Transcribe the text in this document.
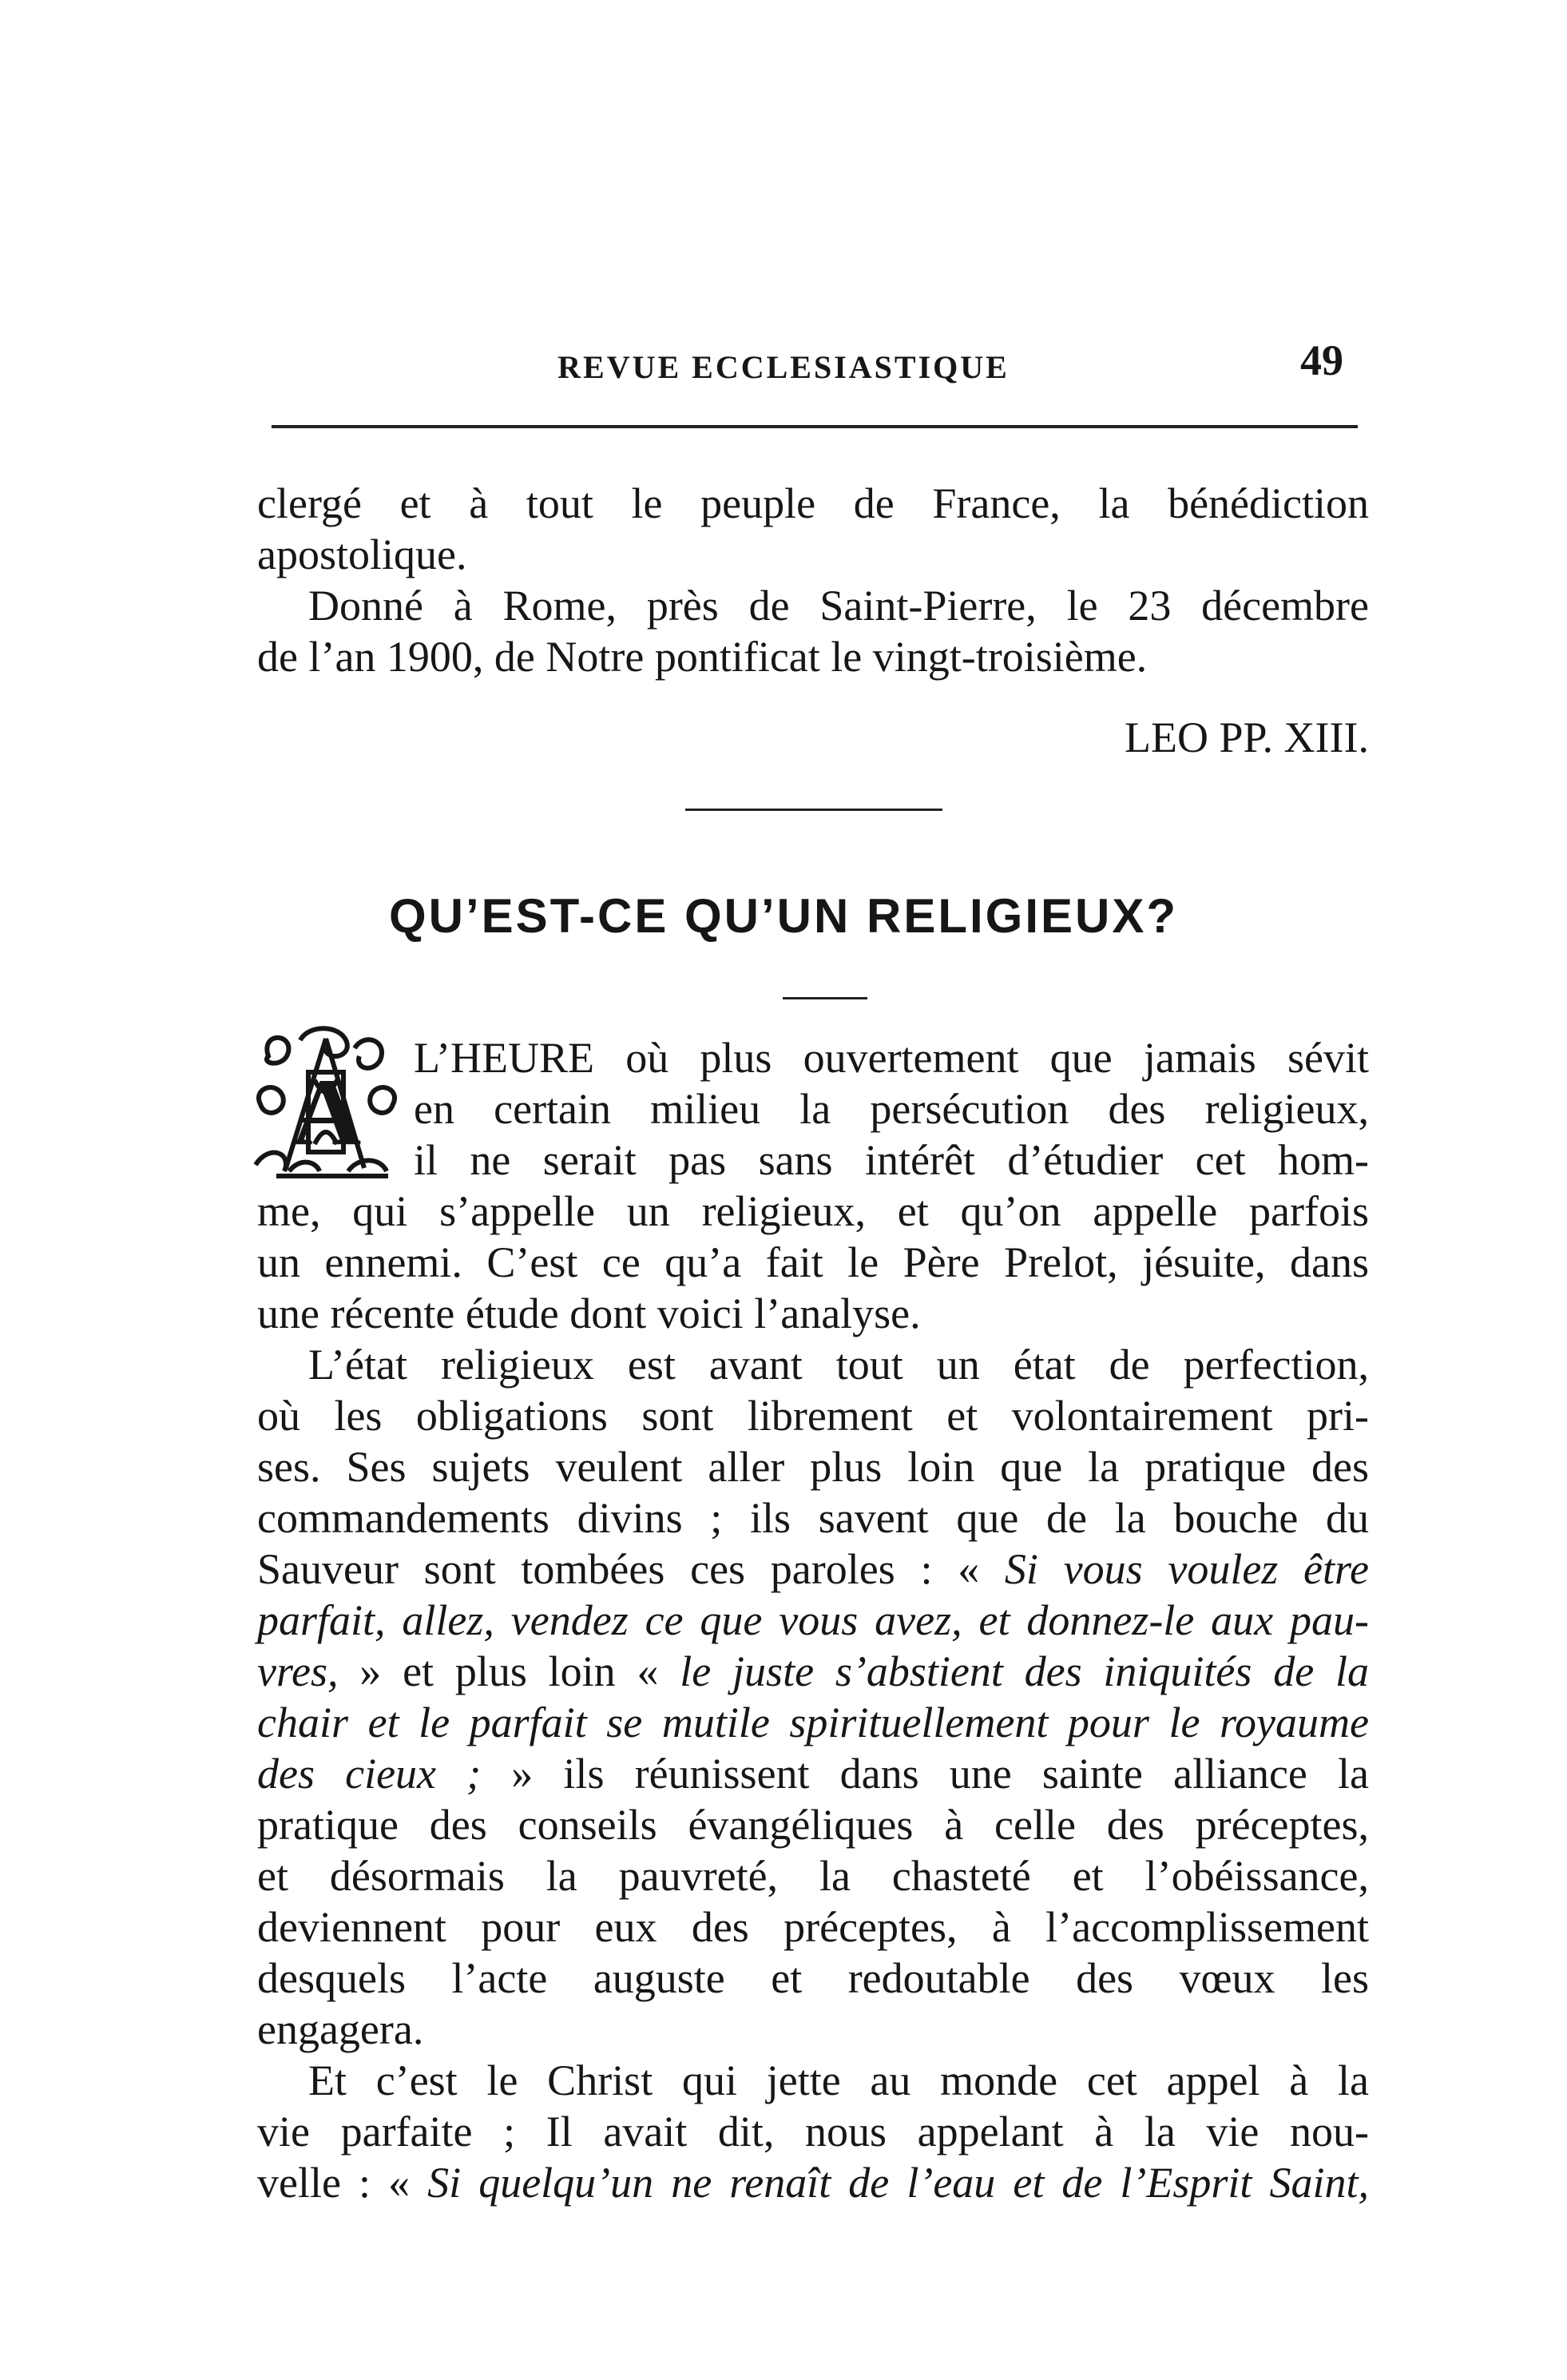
REVUE ECCLESIASTIQUE	49

clergé et à tout le peuple de France, la bénédiction
apostolique.

Donné à Rome, près de Saint-Pierre, le 23 décembre
de l’an 1900, de Notre pontificat le vingt-troisième.

LEO PP. XIII.
QU’EST-CE QU’UN RELIGIEUX?
A
L’HEURE où plus ouvertement que jamais sévit
en certain milieu la persécution des religieux,
il ne serait pas sans intérêt d’étudier cet hom-

me, qui s’appelle un religieux, et qu’on appelle parfois
un ennemi. C’est ce qu’a fait le Père Prelot, jésuite, dans
une récente étude dont voici l’analyse.

L’état religieux est avant tout un état de perfection,
où les obligations sont librement et volontairement pri-
ses. Ses sujets veulent aller plus loin que la pratique des
commandements divins ; ils savent que de la bouche du
Sauveur sont tombées ces paroles : « Si vous voulez être
parfait, allez, vendez ce que vous avez, et donnez-le aux pau-
vres, » et plus loin « le juste s’abstient des iniquités de la
chair et le parfait se mutile spirituellement pour le royaume
des cieux ; » ils réunissent dans une sainte alliance la
pratique des conseils évangéliques à celle des préceptes,
et désormais la pauvreté, la chasteté et l’obéissance,
deviennent pour eux des préceptes, à l’accomplissement
desquels l’acte auguste et redoutable des vœux les
engagera.

Et c’est le Christ qui jette au monde cet appel à la
vie parfaite ; Il avait dit, nous appelant à la vie nou-
velle : « Si quelqu’un ne renaît de l’eau et de l’Esprit Saint,
